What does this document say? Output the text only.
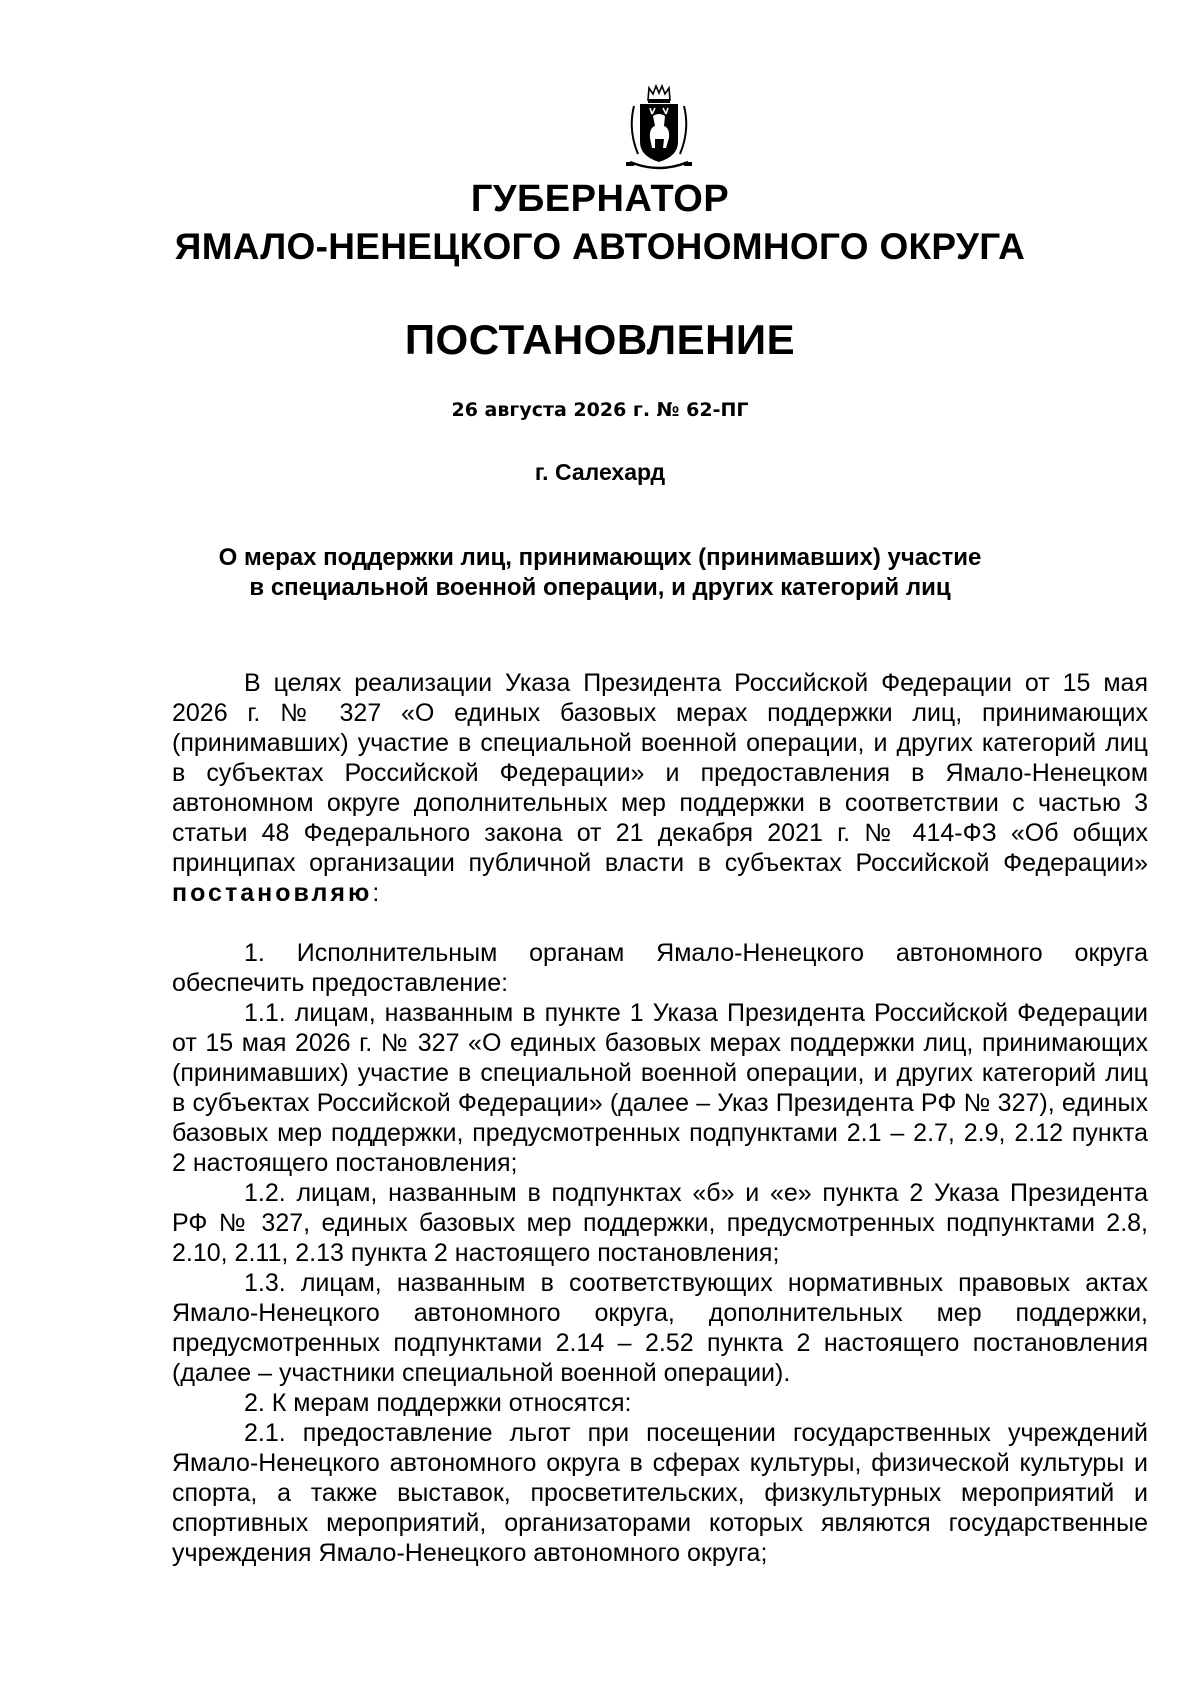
ГУБЕРНАТОР
ЯМАЛО-НЕНЕЦКОГО АВТОНОМНОГО ОКРУГА
ПОСТАНОВЛЕНИЕ
26 августа 2026 г. № 62-ПГ
г. Салехард
О мерах поддержки лиц, принимающих (принимавших) участие
в специальной военной операции, и других категорий лиц

В целях реализации Указа Президента Российской Федерации от 15 мая 2026 г. № 327 «О единых базовых мерах поддержки лиц, принимающих (принимавших) участие в специальной военной операции, и других категорий лиц в субъектах Российской Федерации» и предоставления в Ямало-Ненецком автономном округе дополнительных мер поддержки в соответствии с частью 3 статьи 48 Федерального закона от 21 декабря 2021 г. № 414-ФЗ «Об общих принципах организации публичной власти в субъектах Российской Федерации» постановляю:

1. Исполнительным органам Ямало-Ненецкого автономного округа обеспечить предоставление:

1.1. лицам, названным в пункте 1 Указа Президента Российской Федерации от 15 мая 2026 г. № 327 «О единых базовых мерах поддержки лиц, принимающих (принимавших) участие в специальной военной операции, и других категорий лиц в субъектах Российской Федерации» (далее – Указ Президента РФ № 327), единых базовых мер поддержки, предусмотренных подпунктами 2.1 – 2.7, 2.9, 2.12 пункта 2 настоящего постановления;

1.2. лицам, названным в подпунктах «б» и «е» пункта 2 Указа Президента РФ № 327, единых базовых мер поддержки, предусмотренных подпунктами 2.8, 2.10, 2.11, 2.13 пункта 2 настоящего постановления;

1.3. лицам, названным в соответствующих нормативных правовых актах Ямало-Ненецкого автономного округа, дополнительных мер поддержки, предусмотренных подпунктами 2.14 – 2.52 пункта 2 настоящего постановления (далее – участники специальной военной операции).

2. К мерам поддержки относятся:

2.1. предоставление льгот при посещении государственных учреждений Ямало-Ненецкого автономного округа в сферах культуры, физической культуры и спорта, а также выставок, просветительских, физкультурных мероприятий и спортивных мероприятий, организаторами которых являются государственные учреждения Ямало-Ненецкого автономного округа;
